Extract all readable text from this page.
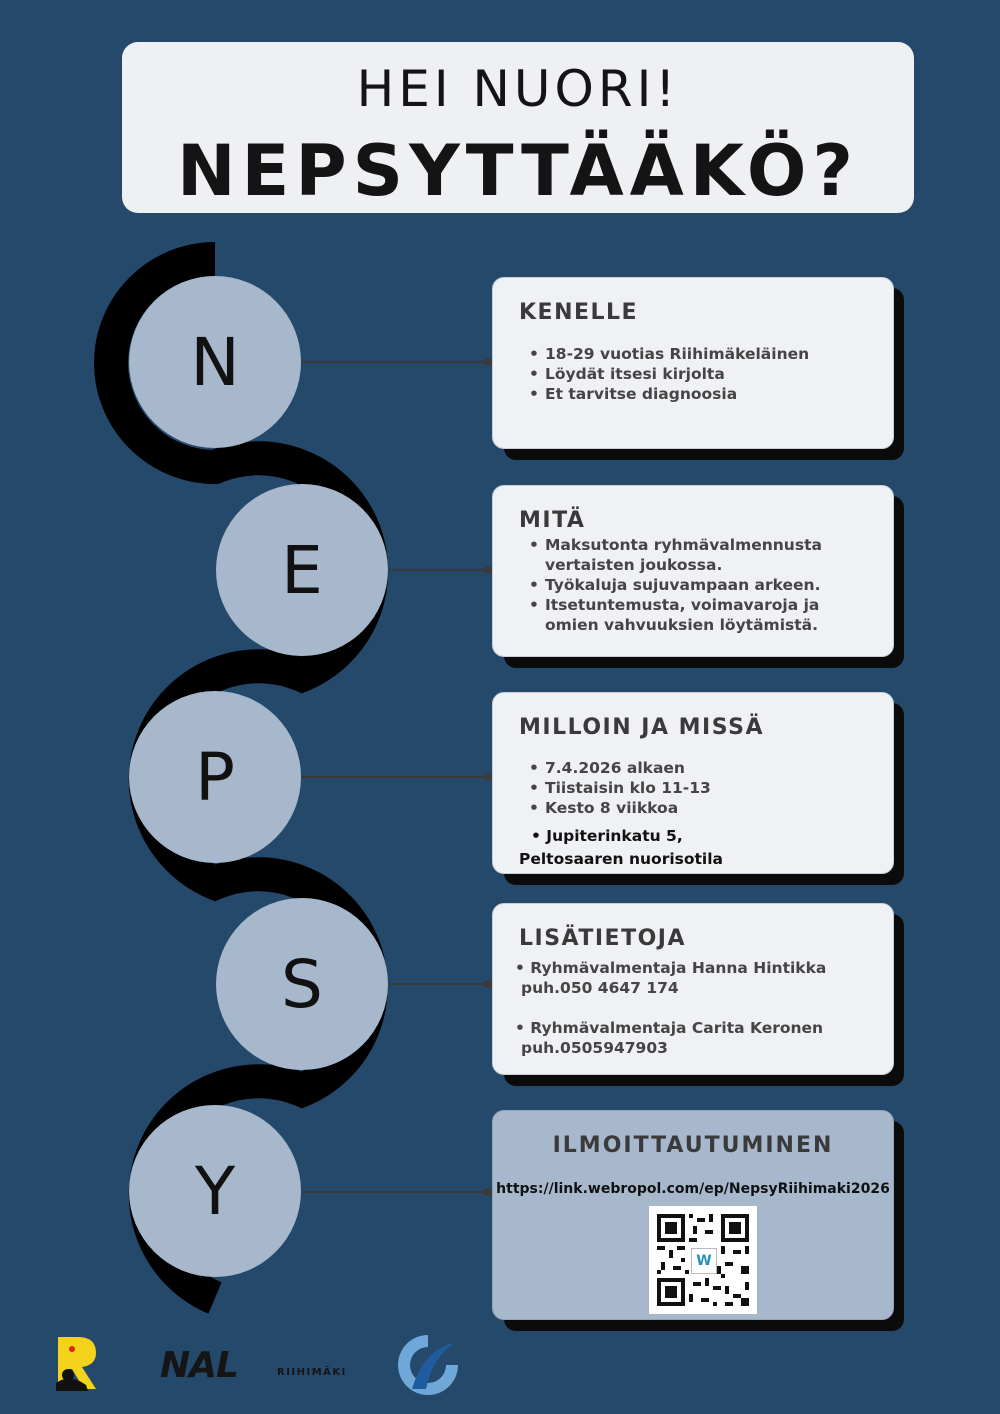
HEI NUORI!
NEPSYTTÄÄKÖ?
N
E
P
S
Y
KENELLE
• 18-29 vuotias Riihimäkeläinen
• Löydät itsesi kirjolta
• Et tarvitse diagnoosia
MITÄ
• Maksutonta ryhmävalmennusta vertaisten joukossa.
• Työkaluja sujuvampaan arkeen.
• Itsetuntemusta, voimavaroja ja omien vahvuuksien löytämistä.
MILLOIN JA MISSÄ
• 7.4.2026 alkaen
• Tiistaisin klo 11-13
• Kesto 8 viikkoa
• Jupiterinkatu 5,
Peltosaaren nuorisotila
LISÄTIETOJA
• Ryhmävalmentaja Hanna Hintikka
puh.050 4647 174
• Ryhmävalmentaja Carita Keronen
puh.0505947903
ILMOITTAUTUMINEN
https://link.webropol.com/ep/NepsyRiihimaki2026
W
NAL	RIIHIMÄKI
